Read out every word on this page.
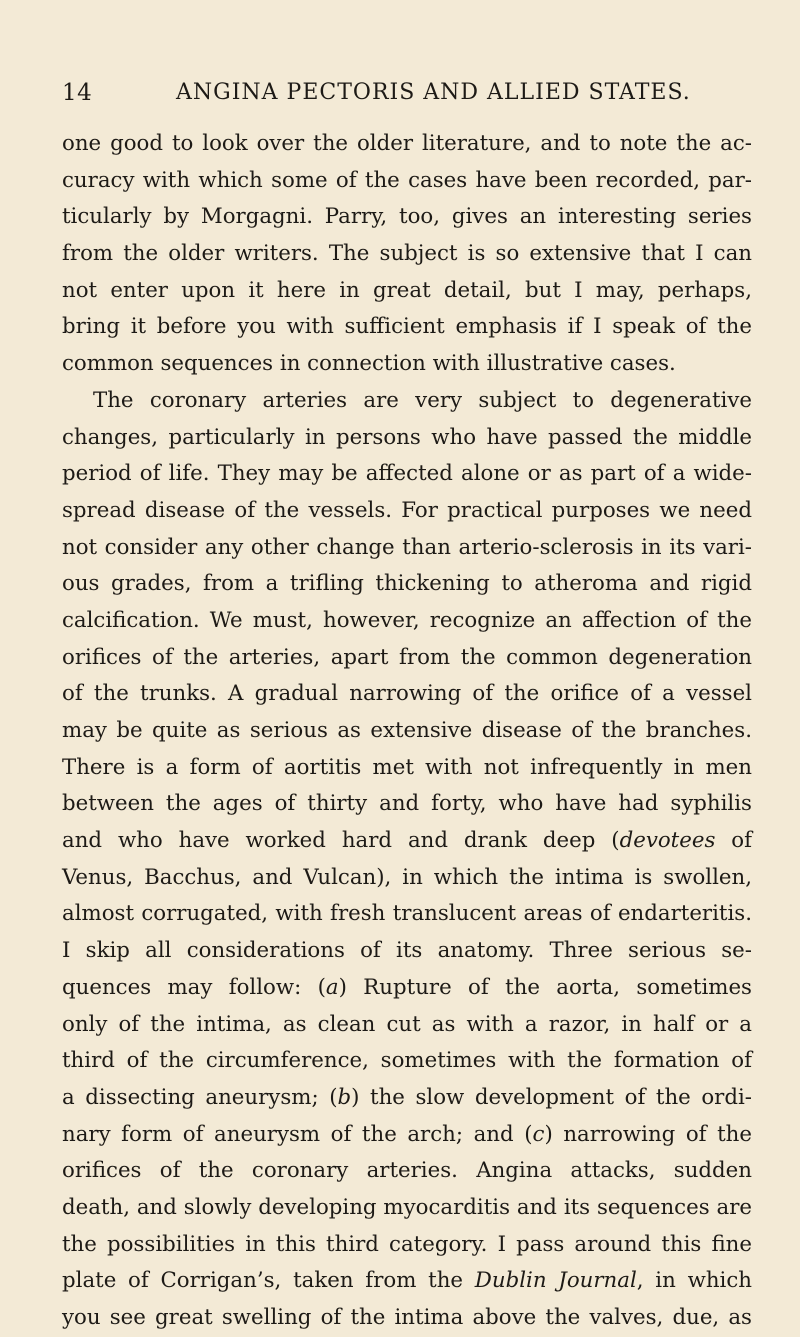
14	ANGINA PECTORIS AND ALLIED STATES.
one good to look over the older literature, and to note the ac-
curacy with which some of the cases have been recorded, par-
ticularly by Morgagni. Parry, too, gives an interesting series
from the older writers. The subject is so extensive that I can
not enter upon it here in great detail, but I may, perhaps,
bring it before you with sufficient emphasis if I speak of the
common sequences in connection with illustrative cases.
The coronary arteries are very subject to degenerative
changes, particularly in persons who have passed the middle
period of life. They may be affected alone or as part of a wide-
spread disease of the vessels. For practical purposes we need
not consider any other change than arterio-sclerosis in its vari-
ous grades, from a trifling thickening to atheroma and rigid
calcification. We must, however, recognize an affection of the
orifices of the arteries, apart from the common degeneration
of the trunks. A gradual narrowing of the orifice of a vessel
may be quite as serious as extensive disease of the branches.
There is a form of aortitis met with not infrequently in men
between the ages of thirty and forty, who have had syphilis
and who have worked hard and drank deep (devotees of
Venus, Bacchus, and Vulcan), in which the intima is swollen,
almost corrugated, with fresh translucent areas of endarteritis.
I skip all considerations of its anatomy. Three serious se-
quences may follow: (a) Rupture of the aorta, sometimes
only of the intima, as clean cut as with a razor, in half or a
third of the circumference, sometimes with the formation of
a dissecting aneurysm; (b) the slow development of the ordi-
nary form of aneurysm of the arch; and (c) narrowing of the
orifices of the coronary arteries. Angina attacks, sudden
death, and slowly developing myocarditis and its sequences are
the possibilities in this third category. I pass around this fine
plate of Corrigan’s, taken from the Dublin Journal, in which
you see great swelling of the intima above the valves, due, as
